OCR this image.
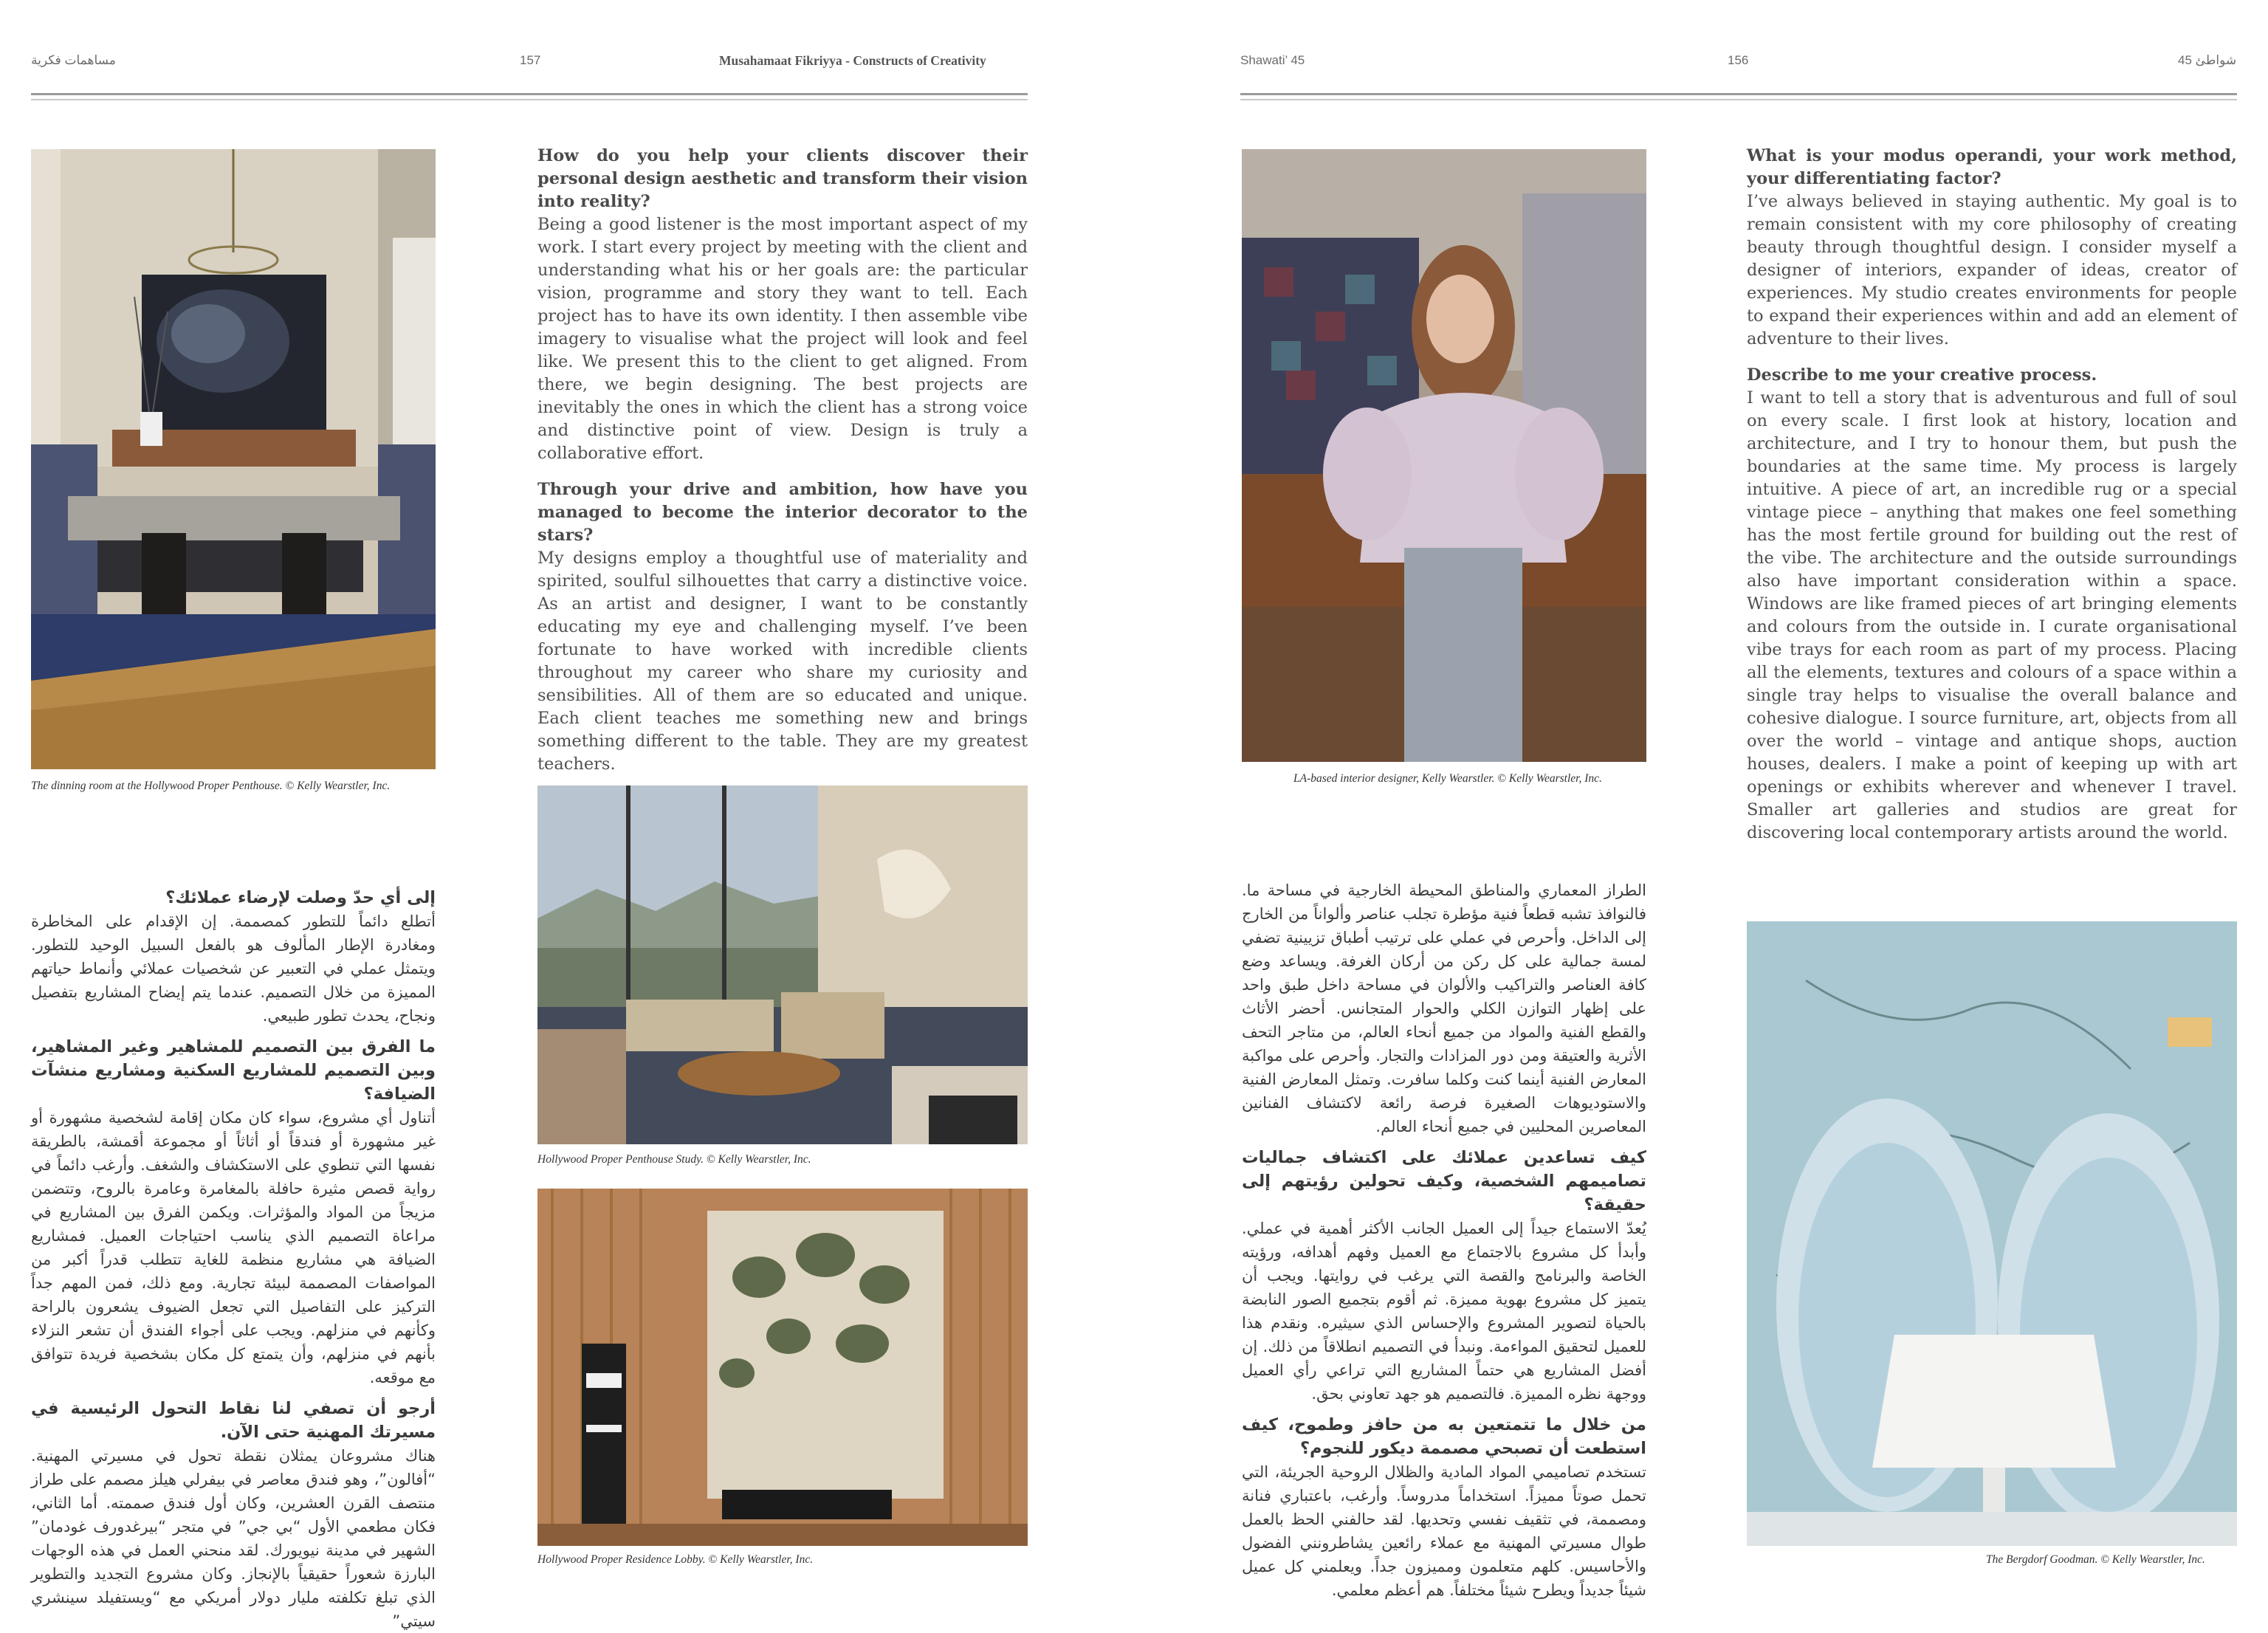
مساهمات فكرية	157	Musahamaat Fikriyya - Constructs of Creativity	Shawati’ 45	156	شواطئ 45
The dinning room at the Hollywood Proper Penthouse. © Kelly Wearstler, Inc.

How do you help your clients discover their personal design aesthetic and transform their vision into reality?

Being a good listener is the most important aspect of my work. I start every project by meeting with the client and understanding what his or her goals are: the particular vision, programme and story they want to tell. Each project has to have its own identity. I then assemble vibe imagery to visualise what the project will look and feel like. We present this to the client to get aligned. From there, we begin designing. The best projects are inevitably the ones in which the client has a strong voice and distinctive point of view. Design is truly a collaborative effort.

Through your drive and ambition, how have you managed to become the interior decorator to the stars?

My designs employ a thoughtful use of materiality and spirited, soulful silhouettes that carry a distinctive voice. As an artist and designer, I want to be constantly educating my eye and challenging myself. I’ve been fortunate to have worked with incredible clients throughout my career who share my curiosity and sensibilities. All of them are so educated and unique. Each client teaches me something new and brings something different to the table. They are my greatest teachers.

Hollywood Proper Penthouse Study. © Kelly Wearstler, Inc.
Hollywood Proper Residence Lobby. © Kelly Wearstler, Inc.

إلى أي حدّ وصلت لإرضاء عملائك؟

أتطلع دائماً للتطور كمصممة. إن الإقدام على المخاطرة ومغادرة الإطار المألوف هو بالفعل السبيل الوحيد للتطور. ويتمثل عملي في التعبير عن شخصيات عملائي وأنماط حياتهم المميزة من خلال التصميم. عندما يتم إيضاح المشاريع بتفصيل ونجاح، يحدث تطور طبيعي.

ما الفرق بين التصميم للمشاهير وغير المشاهير، وبين التصميم للمشاريع السكنية ومشاريع منشآت الضيافة؟

أتناول أي مشروع، سواء كان مكان إقامة لشخصية مشهورة أو غير مشهورة أو فندقاً أو أثاثاً أو مجموعة أقمشة، بالطريقة نفسها التي تنطوي على الاستكشاف والشغف. وأرغب دائماً في رواية قصص مثيرة حافلة بالمغامرة وعامرة بالروح، وتتضمن مزيجاً من المواد والمؤثرات. ويكمن الفرق بين المشاريع في مراعاة التصميم الذي يناسب احتياجات العميل. فمشاريع الضيافة هي مشاريع منظمة للغاية تتطلب قدراً أكبر من المواصفات المصممة لبيئة تجارية. ومع ذلك، فمن المهم جداً التركيز على التفاصيل التي تجعل الضيوف يشعرون بالراحة وكأنهم في منزلهم. ويجب على أجواء الفندق أن تشعر النزلاء بأنهم في منزلهم، وأن يتمتع كل مكان بشخصية فريدة تتوافق مع موقعه.

أرجو أن تصفي لنا نقاط التحول الرئيسية في مسيرتك المهنية حتى الآن.

هناك مشروعان يمثلان نقطة تحول في مسيرتي المهنية. “أفالون”، وهو فندق معاصر في بيفرلي هيلز مصمم على طراز منتصف القرن العشرين، وكان أول فندق صممته. أما الثاني، فكان مطعمي الأول “بي جي” في متجر “بيرغدورف غودمان” الشهير في مدينة نيويورك. لقد منحني العمل في هذه الوجهات البارزة شعوراً حقيقياً بالإنجاز. وكان مشروع التجديد والتطوير الذي تبلغ تكلفته مليار دولار أمريكي مع “ويستفيلد سينشري سيتي”

LA-based interior designer, Kelly Wearstler. © Kelly Wearstler, Inc.

What is your modus operandi, your work method, your differentiating factor?

I’ve always believed in staying authentic. My goal is to remain consistent with my core philosophy of creating beauty through thoughtful design. I consider myself a designer of interiors, expander of ideas, creator of experiences. My studio creates environments for people to expand their experiences within and add an element of adventure to their lives.

Describe to me your creative process.

I want to tell a story that is adventurous and full of soul on every scale. I first look at history, location and architecture, and I try to honour them, but push the boundaries at the same time. My process is largely intuitive. A piece of art, an incredible rug or a special vintage piece – anything that makes one feel something has the most fertile ground for building out the rest of the vibe. The architecture and the outside surroundings also have important consideration within a space. Windows are like framed pieces of art bringing elements and colours from the outside in. I curate organisational vibe trays for each room as part of my process. Placing all the elements, textures and colours of a space within a single tray helps to visualise the overall balance and cohesive dialogue. I source furniture, art, objects from all over the world – vintage and antique shops, auction houses, dealers. I make a point of keeping up with art openings or exhibits wherever and whenever I travel. Smaller art galleries and studios are great for discovering local contemporary artists around the world.

الطراز المعماري والمناطق المحيطة الخارجية في مساحة ما. فالنوافذ تشبه قطعاً فنية مؤطرة تجلب عناصر وألواناً من الخارج إلى الداخل. وأحرص في عملي على ترتيب أطباق تزيينية تضفي لمسة جمالية على كل ركن من أركان الغرفة. ويساعد وضع كافة العناصر والتراكيب والألوان في مساحة داخل طبق واحد على إظهار التوازن الكلي والحوار المتجانس. أحضر الأثاث والقطع الفنية والمواد من جميع أنحاء العالم، من متاجر التحف الأثرية والعتيقة ومن دور المزادات والتجار. وأحرص على مواكبة المعارض الفنية أينما كنت وكلما سافرت. وتمثل المعارض الفنية والاستوديوهات الصغيرة فرصة رائعة لاكتشاف الفنانين المعاصرين المحليين في جميع أنحاء العالم.

كيف تساعدين عملائك على اكتشاف جماليات تصاميمهم الشخصية، وكيف تحولين رؤيتهم إلى حقيقة؟

يُعدّ الاستماع جيداً إلى العميل الجانب الأكثر أهمية في عملي. وأبدأ كل مشروع بالاجتماع مع العميل وفهم أهدافه، ورؤيته الخاصة والبرنامج والقصة التي يرغب في روايتها. ويجب أن يتميز كل مشروع بهوية مميزة. ثم أقوم بتجميع الصور النابضة بالحياة لتصوير المشروع والإحساس الذي سيثيره. ونقدم هذا للعميل لتحقيق المواءمة. ونبدأ في التصميم انطلاقاً من ذلك. إن أفضل المشاريع هي حتماً المشاريع التي تراعي رأي العميل ووجهة نظره المميزة. فالتصميم هو جهد تعاوني بحق.

من خلال ما تتمتعين به من حافز وطموح، كيف استطعت أن تصبحي مصممة ديكور للنجوم؟

تستخدم تصاميمي المواد المادية والظلال الروحية الجريئة، التي تحمل صوتاً مميزاً. استخداماً مدروساً. وأرغب، باعتباري فنانة ومصممة، في تثقيف نفسي وتحديها. لقد حالفني الحظ بالعمل طوال مسيرتي المهنية مع عملاء رائعين يشاطرونني الفضول والأحاسيس. كلهم متعلمون ومميزون جداً. ويعلمني كل عميل شيئاً جديداً ويطرح شيئاً مختلفاً. هم أعظم معلمي.

The Bergdorf Goodman. © Kelly Wearstler, Inc.
